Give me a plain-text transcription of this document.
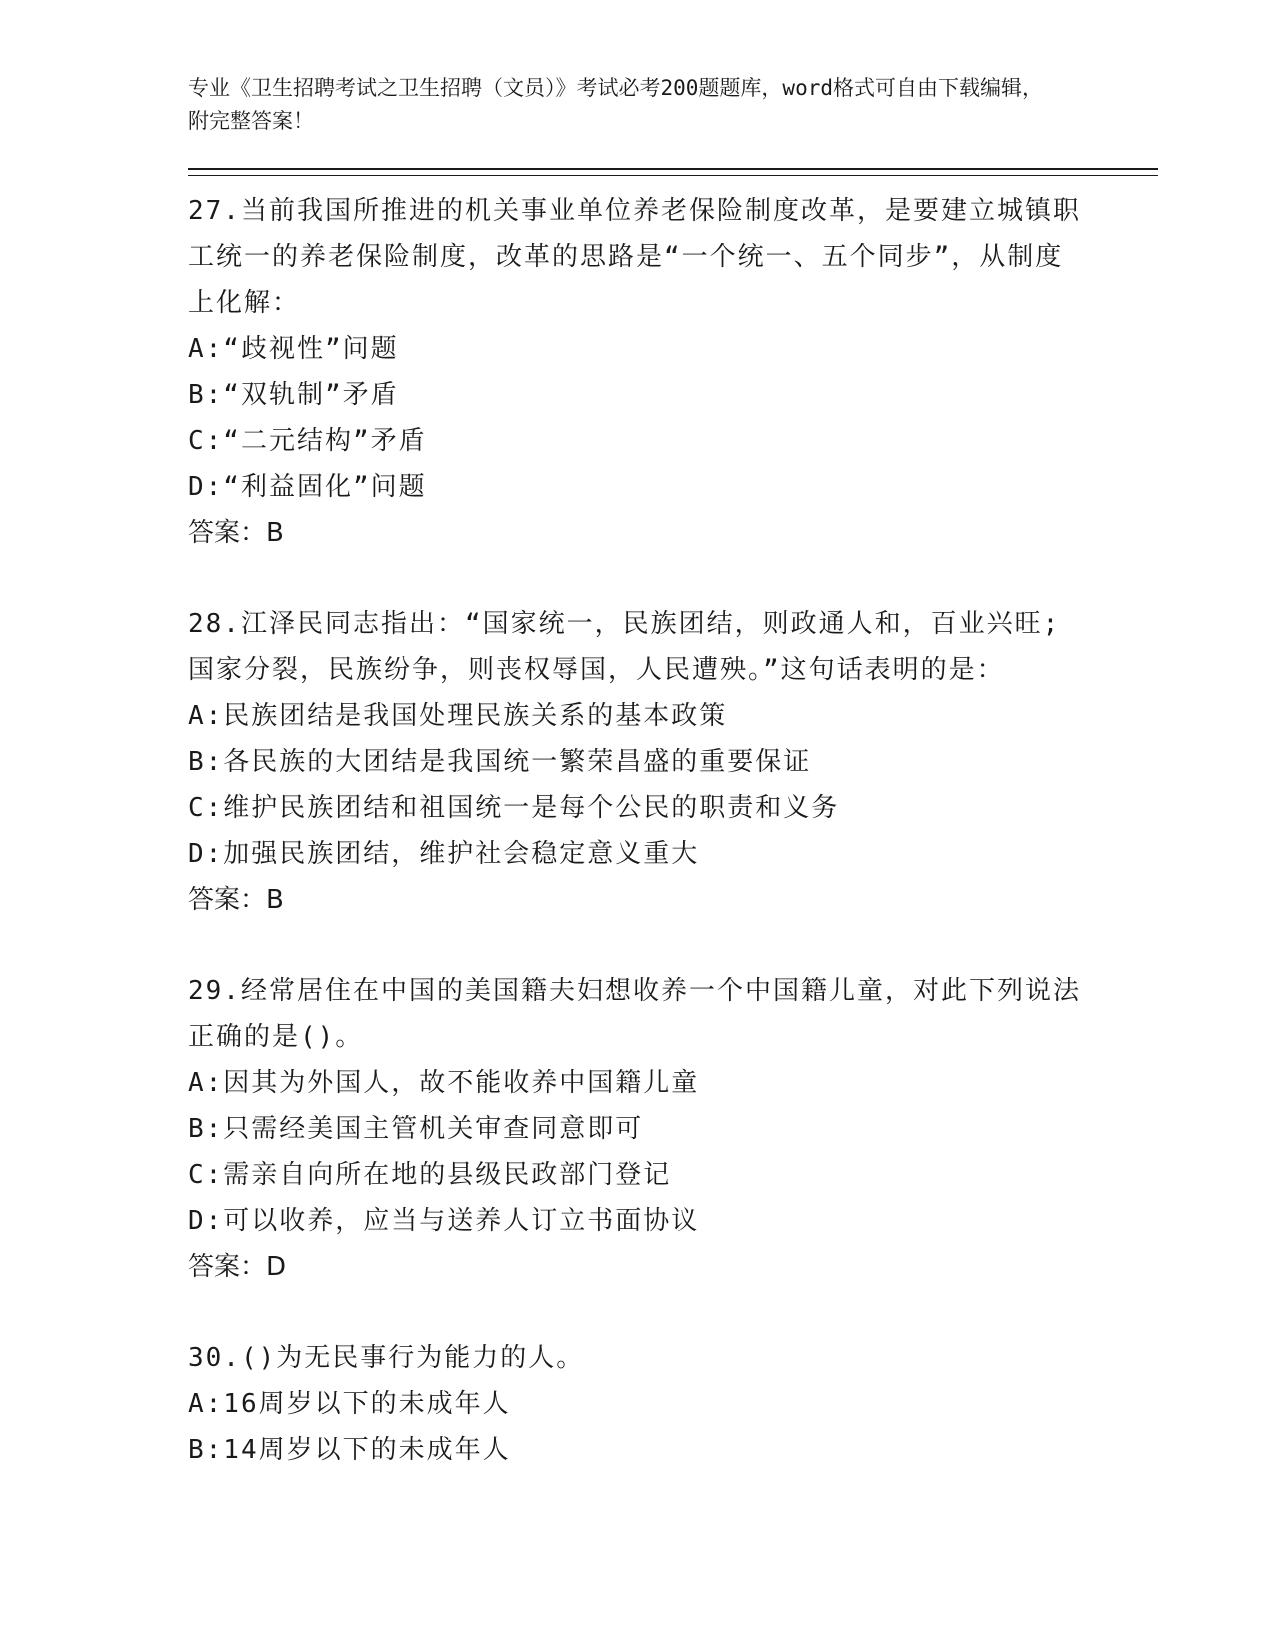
专业《卫生招聘考试之卫生招聘（文员）》考试必考200题题库，word格式可自由下载编辑，附完整答案！

27.当前我国所推进的机关事业单位养老保险制度改革，是要建立城镇职工统一的养老保险制度，改革的思路是“一个统一、五个同步”，从制度上化解：

A:“歧视性”问题

B:“双轨制”矛盾

C:“二元结构”矛盾

D:“利益固化”问题

答案：B

28.江泽民同志指出：“国家统一，民族团结，则政通人和，百业兴旺;国家分裂，民族纷争，则丧权辱国，人民遭殃。”这句话表明的是：

A:民族团结是我国处理民族关系的基本政策

B:各民族的大团结是我国统一繁荣昌盛的重要保证

C:维护民族团结和祖国统一是每个公民的职责和义务

D:加强民族团结，维护社会稳定意义重大

答案：B

29.经常居住在中国的美国籍夫妇想收养一个中国籍儿童，对此下列说法正确的是()。

A:因其为外国人，故不能收养中国籍儿童

B:只需经美国主管机关审查同意即可

C:需亲自向所在地的县级民政部门登记

D:可以收养，应当与送养人订立书面协议

答案：D

30.()为无民事行为能力的人。

A:16周岁以下的未成年人

B:14周岁以下的未成年人
